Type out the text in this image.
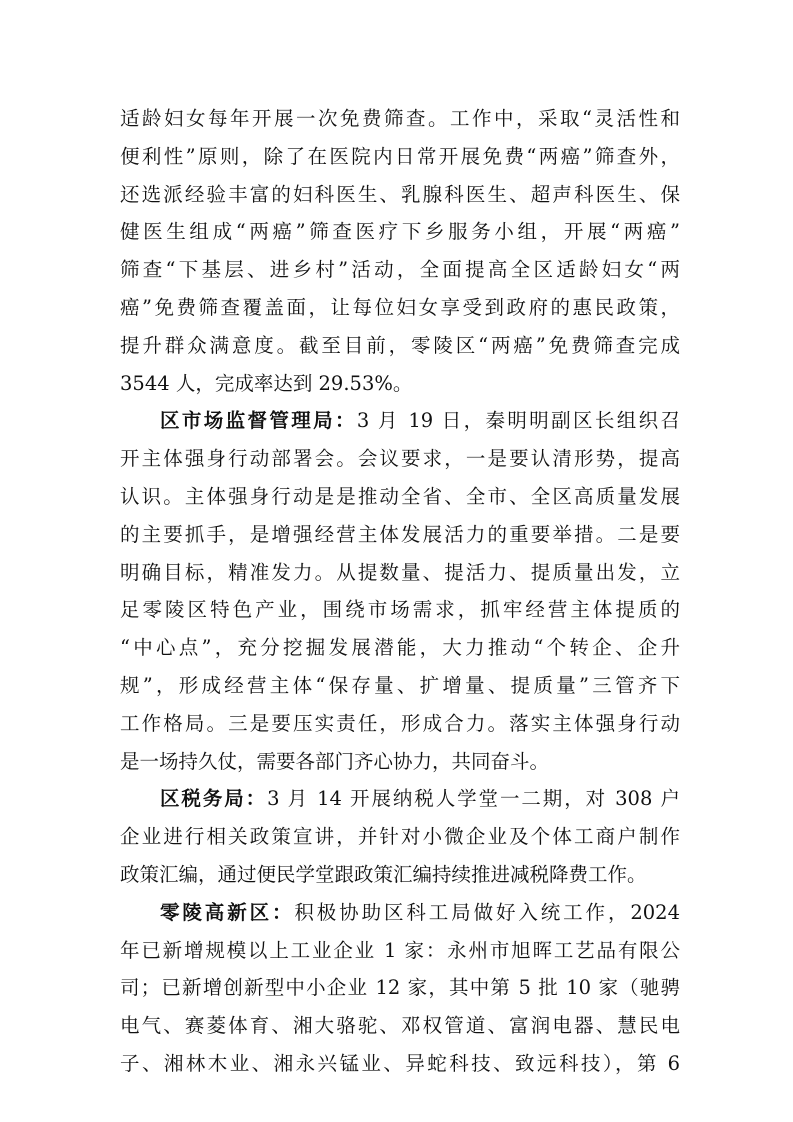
适龄妇女每年开展一次免费筛查。工作中，采取“灵活性和
便利性”原则，除了在医院内日常开展免费“两癌”筛查外，
还选派经验丰富的妇科医生、乳腺科医生、超声科医生、保
健医生组成“两癌”筛查医疗下乡服务小组，开展“两癌”
筛查“下基层、进乡村”活动，全面提高全区适龄妇女“两
癌”免费筛查覆盖面，让每位妇女享受到政府的惠民政策，
提升群众满意度。截至目前，零陵区“两癌”免费筛查完成
3544 人，完成率达到 29.53%。
区市场监督管理局：3 月 19 日，秦明明副区长组织召
开主体强身行动部署会。会议要求，一是要认清形势，提高
认识。主体强身行动是是推动全省、全市、全区高质量发展
的主要抓手，是增强经营主体发展活力的重要举措。二是要
明确目标，精准发力。从提数量、提活力、提质量出发，立
足零陵区特色产业，围绕市场需求，抓牢经营主体提质的
“中心点”，充分挖掘发展潜能，大力推动“个转企、企升
规”，形成经营主体“保存量、扩增量、提质量”三管齐下
工作格局。三是要压实责任，形成合力。落实主体强身行动
是一场持久仗，需要各部门齐心协力，共同奋斗。
区税务局：3 月 14 开展纳税人学堂一二期，对 308 户
企业进行相关政策宣讲，并针对小微企业及个体工商户制作
政策汇编，通过便民学堂跟政策汇编持续推进减税降费工作。
零陵高新区：积极协助区科工局做好入统工作，2024
年已新增规模以上工业企业 1 家：永州市旭晖工艺品有限公
司；已新增创新型中小企业 12 家，其中第 5 批 10 家（驰骋
电气、赛菱体育、湘大骆驼、邓权管道、富润电器、慧民电
子、湘林木业、湘永兴锰业、异蛇科技、致远科技），第 6
